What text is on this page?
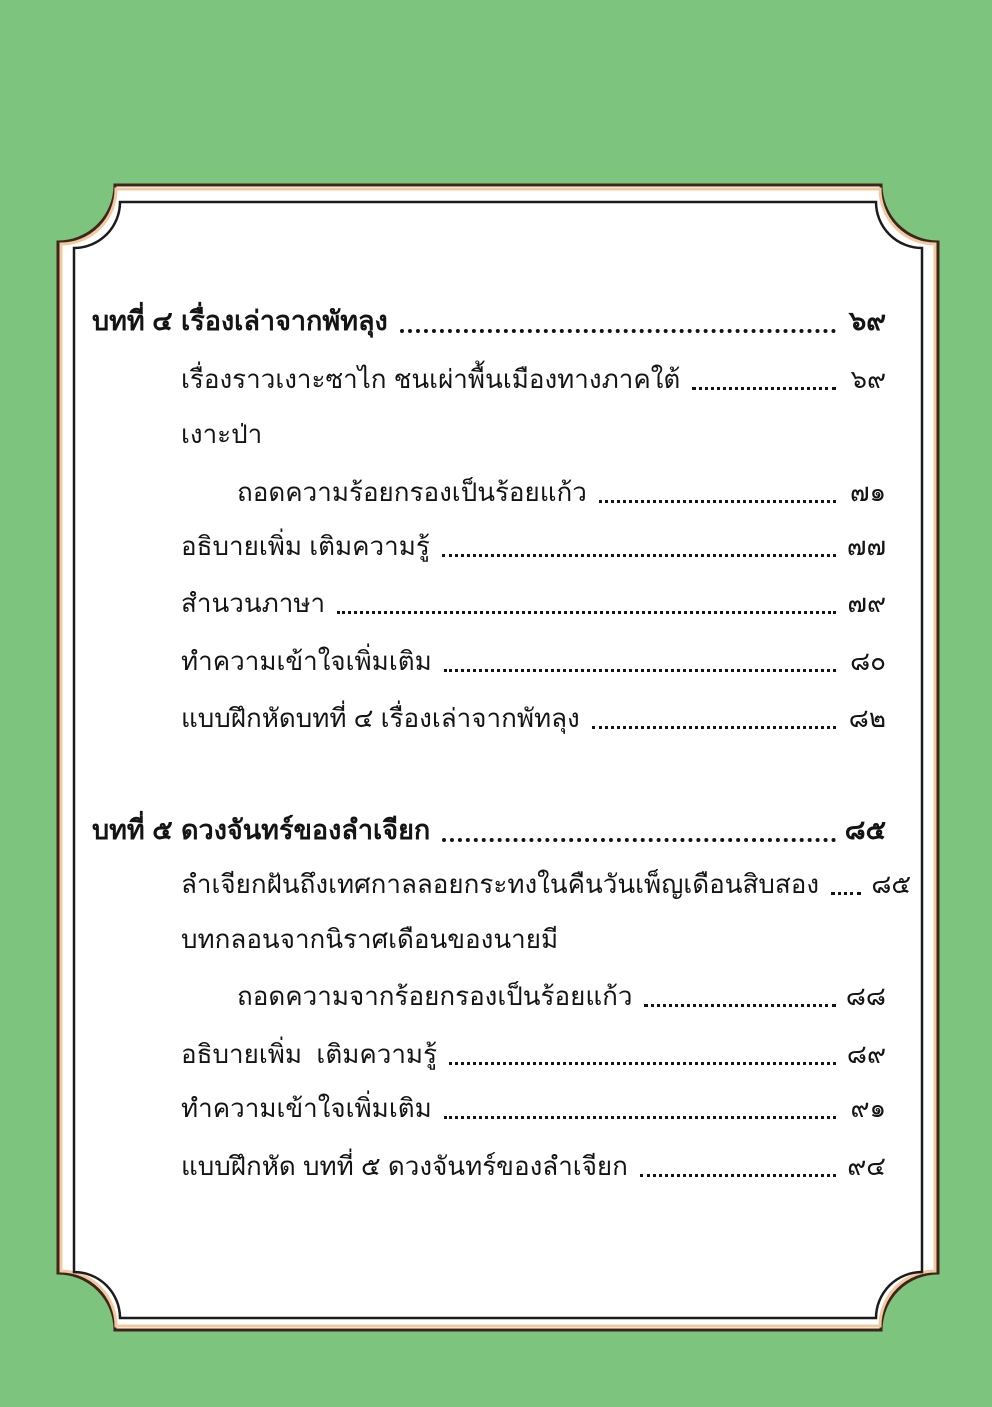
บทที่ ๔ เรื่องเล่าจากพัทลุง	๖๙
เรื่องราวเงาะซาไก ชนเผ่าพื้นเมืองทางภาคใต้	๖๙
เงาะป่า
ถอดความร้อยกรองเป็นร้อยแก้ว	๗๑
อธิบายเพิ่ม เติมความรู้	๗๗
สำนวนภาษา	๗๙
ทำความเข้าใจเพิ่มเติม	๘๐
แบบฝึกหัดบทที่ ๔ เรื่องเล่าจากพัทลุง	๘๒
บทที่ ๕ ดวงจันทร์ของลำเจียก	๘๕
ลำเจียกฝันถึงเทศกาลลอยกระทงในคืนวันเพ็ญเดือนสิบสอง ๘๕
บทกลอนจากนิราศเดือนของนายมี
ถอดความจากร้อยกรองเป็นร้อยแก้ว	๘๘
อธิบายเพิ่ม  เติมความรู้	๘๙
ทำความเข้าใจเพิ่มเติม	๙๑
แบบฝึกหัด บทที่ ๕ ดวงจันทร์ของลำเจียก	๙๔
